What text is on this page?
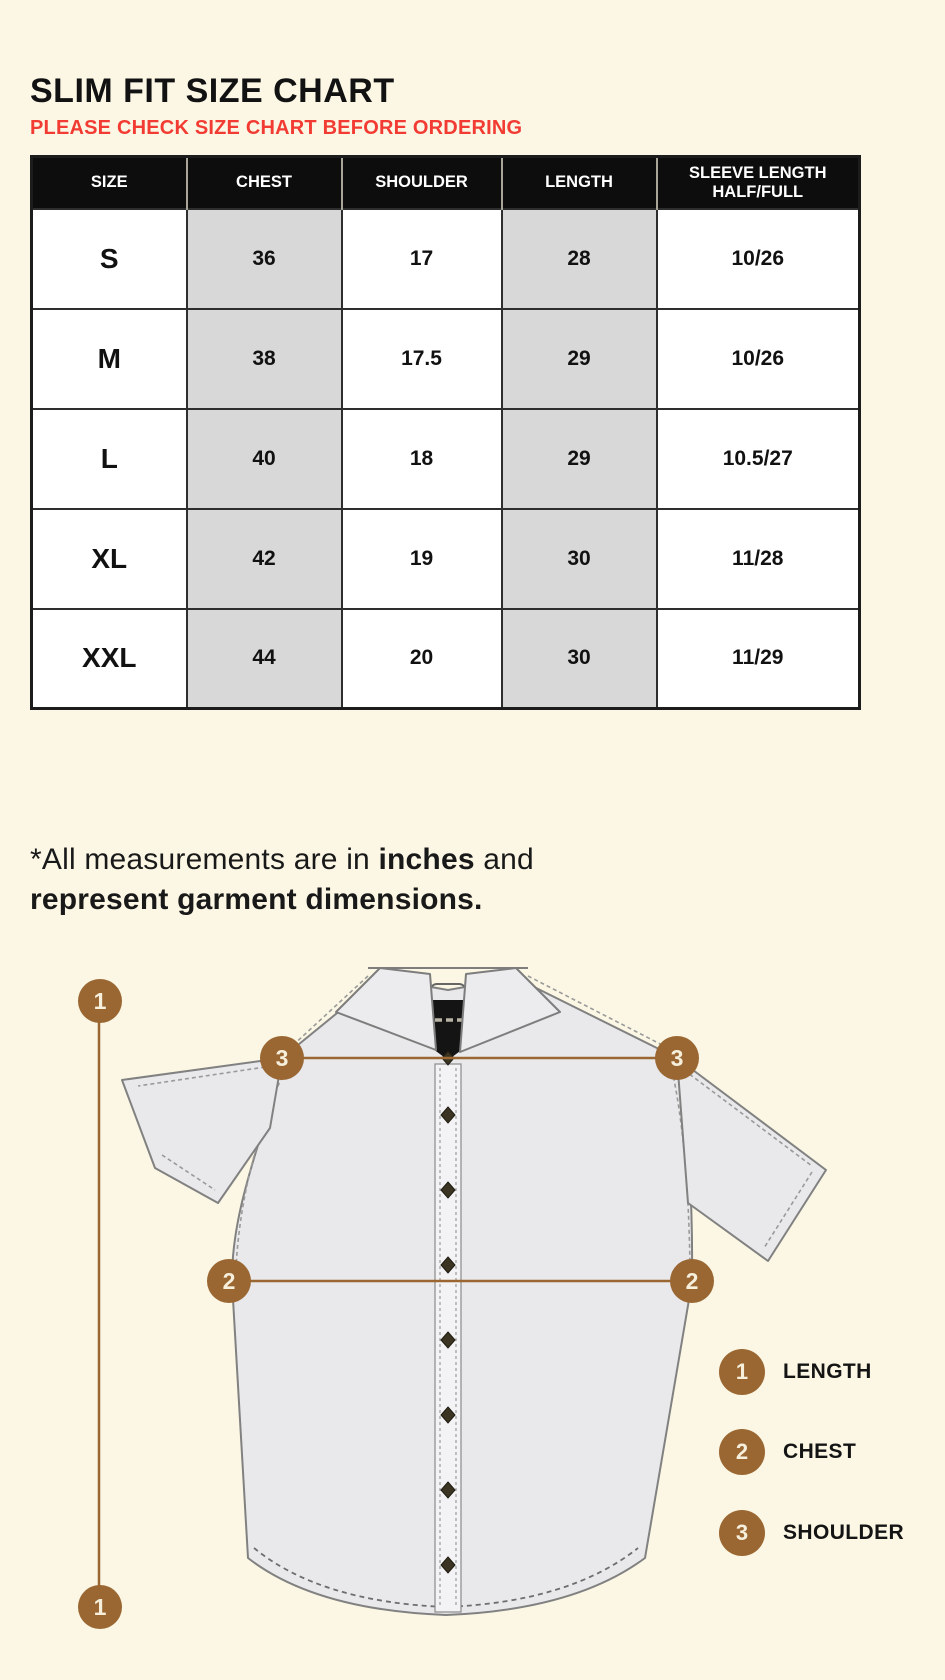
SLIM FIT SIZE CHART
PLEASE CHECK SIZE CHART BEFORE ORDERING
SIZE	CHEST	SHOULDER	LENGTH	SLEEVE LENGTH HALF/FULL
S	36	17	28	10/26
M	38	17.5	29	10/26
L	40	18	29	10.5/27
XL	42	19	30	11/28
XXL	44	20	30	11/29
*All measurements are in inches and
represent garment dimensions.
1
1
2	2
3	3
1	LENGTH
2	CHEST
3	SHOULDER
